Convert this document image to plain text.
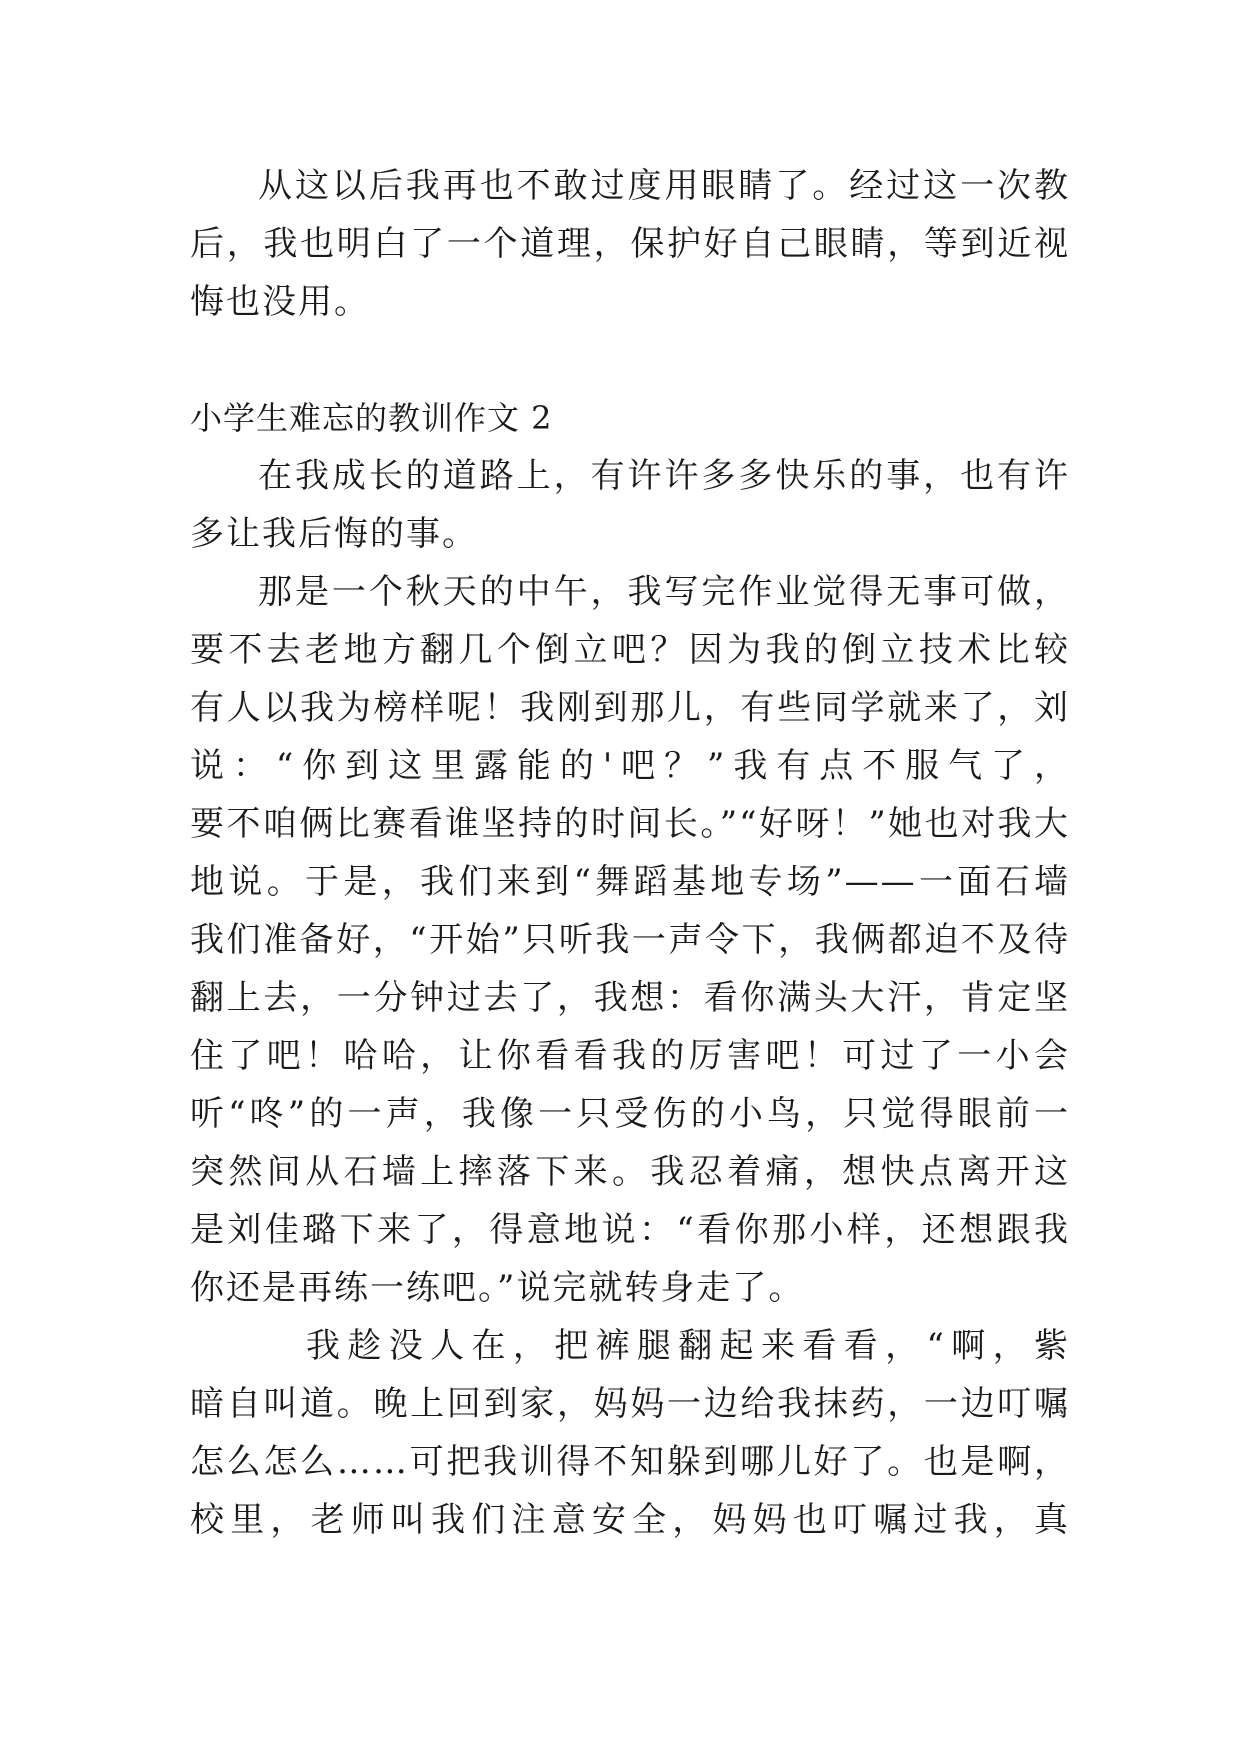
从这以后我再也不敢过度用眼睛了。经过这一次教
后，我也明白了一个道理，保护好自己眼睛，等到近视
悔也没用。
小学生难忘的教训作文 2
在我成长的道路上，有许许多多快乐的事，也有许
多让我后悔的事。
那是一个秋天的中午，我写完作业觉得无事可做，
要不去老地方翻几个倒立吧？因为我的倒立技术比较
有人以我为榜样呢！我刚到那儿，有些同学就来了，刘
说：“你到这里露能的'吧？”我有点不服气了，
要不咱俩比赛看谁坚持的时间长。”“好呀！”她也对我大
地说。于是，我们来到“舞蹈基地专场”——一面石墙
我们准备好，“开始”只听我一声令下，我俩都迫不及待
翻上去，一分钟过去了，我想：看你满头大汗，肯定坚
住了吧！哈哈，让你看看我的厉害吧！可过了一小会
听“咚”的一声，我像一只受伤的小鸟，只觉得眼前一
突然间从石墙上摔落下来。我忍着痛，想快点离开这
是刘佳璐下来了，得意地说：“看你那小样，还想跟我
你还是再练一练吧。”说完就转身走了。
我趁没人在，把裤腿翻起来看看，“啊，紫
暗自叫道。晚上回到家，妈妈一边给我抹药，一边叮嘱
怎么怎么……可把我训得不知躲到哪儿好了。也是啊，
校里，老师叫我们注意安全，妈妈也叮嘱过我，真
